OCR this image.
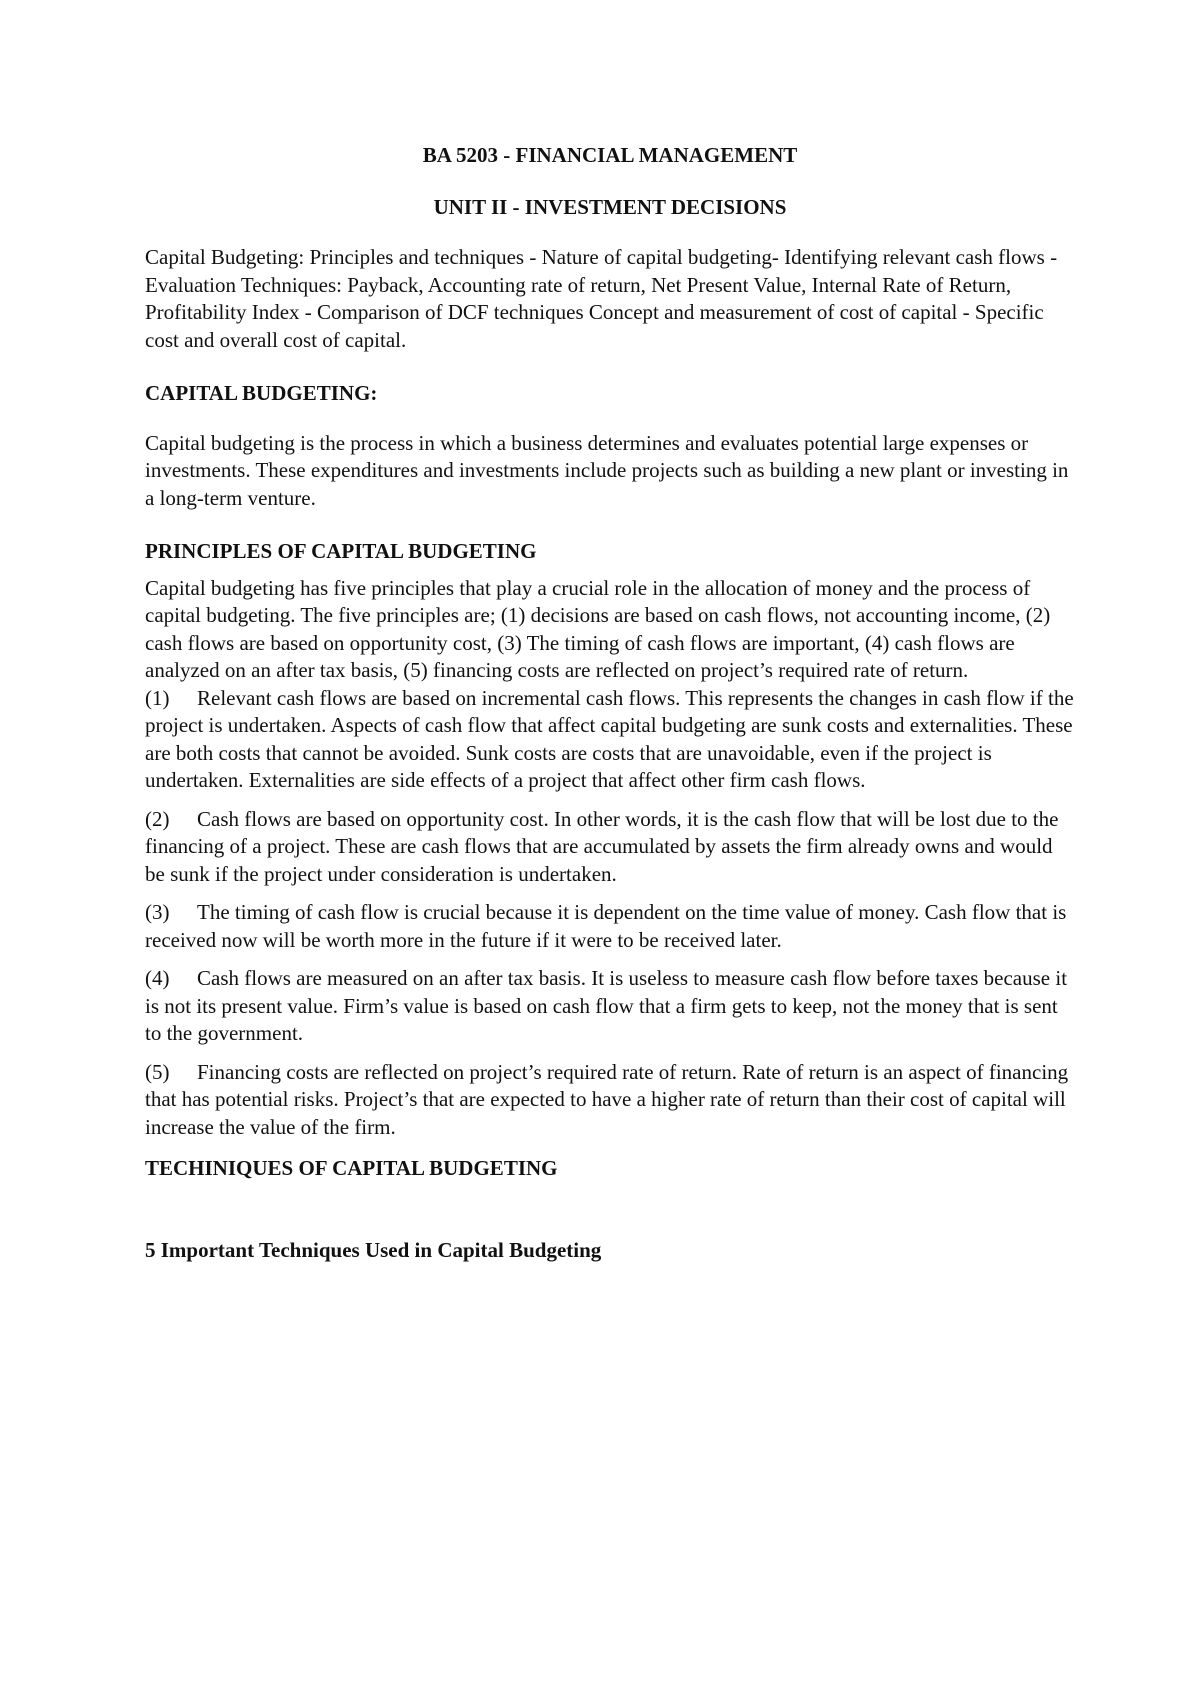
BA 5203 - FINANCIAL MANAGEMENT

UNIT II - INVESTMENT DECISIONS

Capital Budgeting: Principles and techniques - Nature of capital budgeting- Identifying relevant cash flows - Evaluation Techniques: Payback, Accounting rate of return, Net Present Value, Internal Rate of Return, Profitability Index - Comparison of DCF techniques Concept and measurement of cost of capital - Specific cost and overall cost of capital.

CAPITAL BUDGETING:

Capital budgeting is the process in which a business determines and evaluates potential large expenses or investments. These expenditures and investments include projects such as building a new plant or investing in a long-term venture.

PRINCIPLES OF CAPITAL BUDGETING

Capital budgeting has five principles that play a crucial role in the allocation of money and the process of capital budgeting. The five principles are; (1) decisions are based on cash flows, not accounting income, (2) cash flows are based on opportunity cost, (3) The timing of cash flows are important, (4) cash flows are analyzed on an after tax basis, (5) financing costs are reflected on project’s required rate of return.

(1) Relevant cash flows are based on incremental cash flows. This represents the changes in cash flow if the project is undertaken. Aspects of cash flow that affect capital budgeting are sunk costs and externalities. These are both costs that cannot be avoided. Sunk costs are costs that are unavoidable, even if the project is undertaken. Externalities are side effects of a project that affect other firm cash flows.

(2) Cash flows are based on opportunity cost. In other words, it is the cash flow that will be lost due to the financing of a project. These are cash flows that are accumulated by assets the firm already owns and would be sunk if the project under consideration is undertaken.

(3) The timing of cash flow is crucial because it is dependent on the time value of money. Cash flow that is received now will be worth more in the future if it were to be received later.

(4) Cash flows are measured on an after tax basis. It is useless to measure cash flow before taxes because it is not its present value. Firm’s value is based on cash flow that a firm gets to keep, not the money that is sent to the government.

(5) Financing costs are reflected on project’s required rate of return. Rate of return is an aspect of financing that has potential risks. Project’s that are expected to have a higher rate of return than their cost of capital will increase the value of the firm.

TECHINIQUES OF CAPITAL BUDGETING

5 Important Techniques Used in Capital Budgeting
